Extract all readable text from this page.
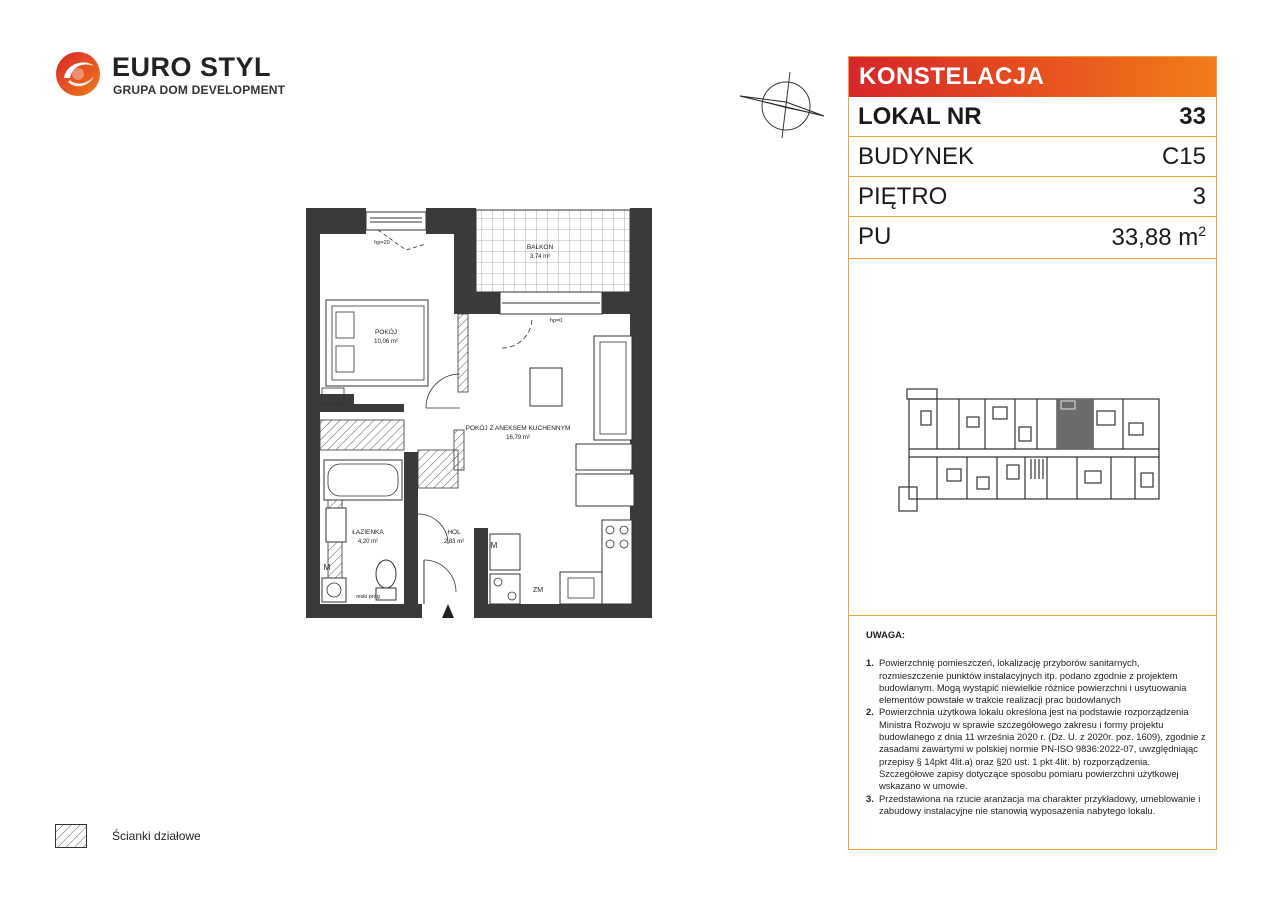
EURO STYL
GRUPA DOM DEVELOPMENT	KONSTELACJA
LOKAL NR	33
BUDYNEK	C15
PIĘTRO	3
PU	33,88 $m^2$
UWAGA:

1. Powierzchnię pomieszczeń, lokalizację przyborów sanitarnych, rozmieszczenie punktów instalacyjnych itp. podano zgodnie z projektem budowlanym. Mogą wystąpić niewielkie różnice powierzchni i usytuowania elementów powstałe w trakcie realizacji prac budowlanych

2. Powierzchnia użytkowa lokalu określona jest na podstawie rozporządzenia Ministra Rozwoju w sprawie szczegółowego zakresu i formy projektu budowlanego z dnia 11 września 2020 r. (Dz. U. z 2020r. poz. 1609), zgodnie z zasadami zawartymi w polskiej normie PN-ISO 9836:2022-07, uwzględniając przepisy § 14pkt 4lit.a) oraz §20 ust. 1 pkt 4lit. b) rozporządzenia. Szczegółowe zapisy dotyczące sposobu pomiaru powierzchni użytkowej wskazano w umowie.

3. Przedstawiona na rzucie aranżacja ma charakter przykładowy, umeblowanie i zabudowy instalacyjne nie stanowią wyposażenia nabytego lokalu.

BALKON
3,74 m²
POKÓJ
10,06 m²
POKÓJ Z ANEKSEM KUCHENNYM
16,79 m²
ŁAZIENKA
4,20 m²
HOL
2,83 m²
hp=20
hp=0
niski próg
ZM
M
M
Ścianki działowe
